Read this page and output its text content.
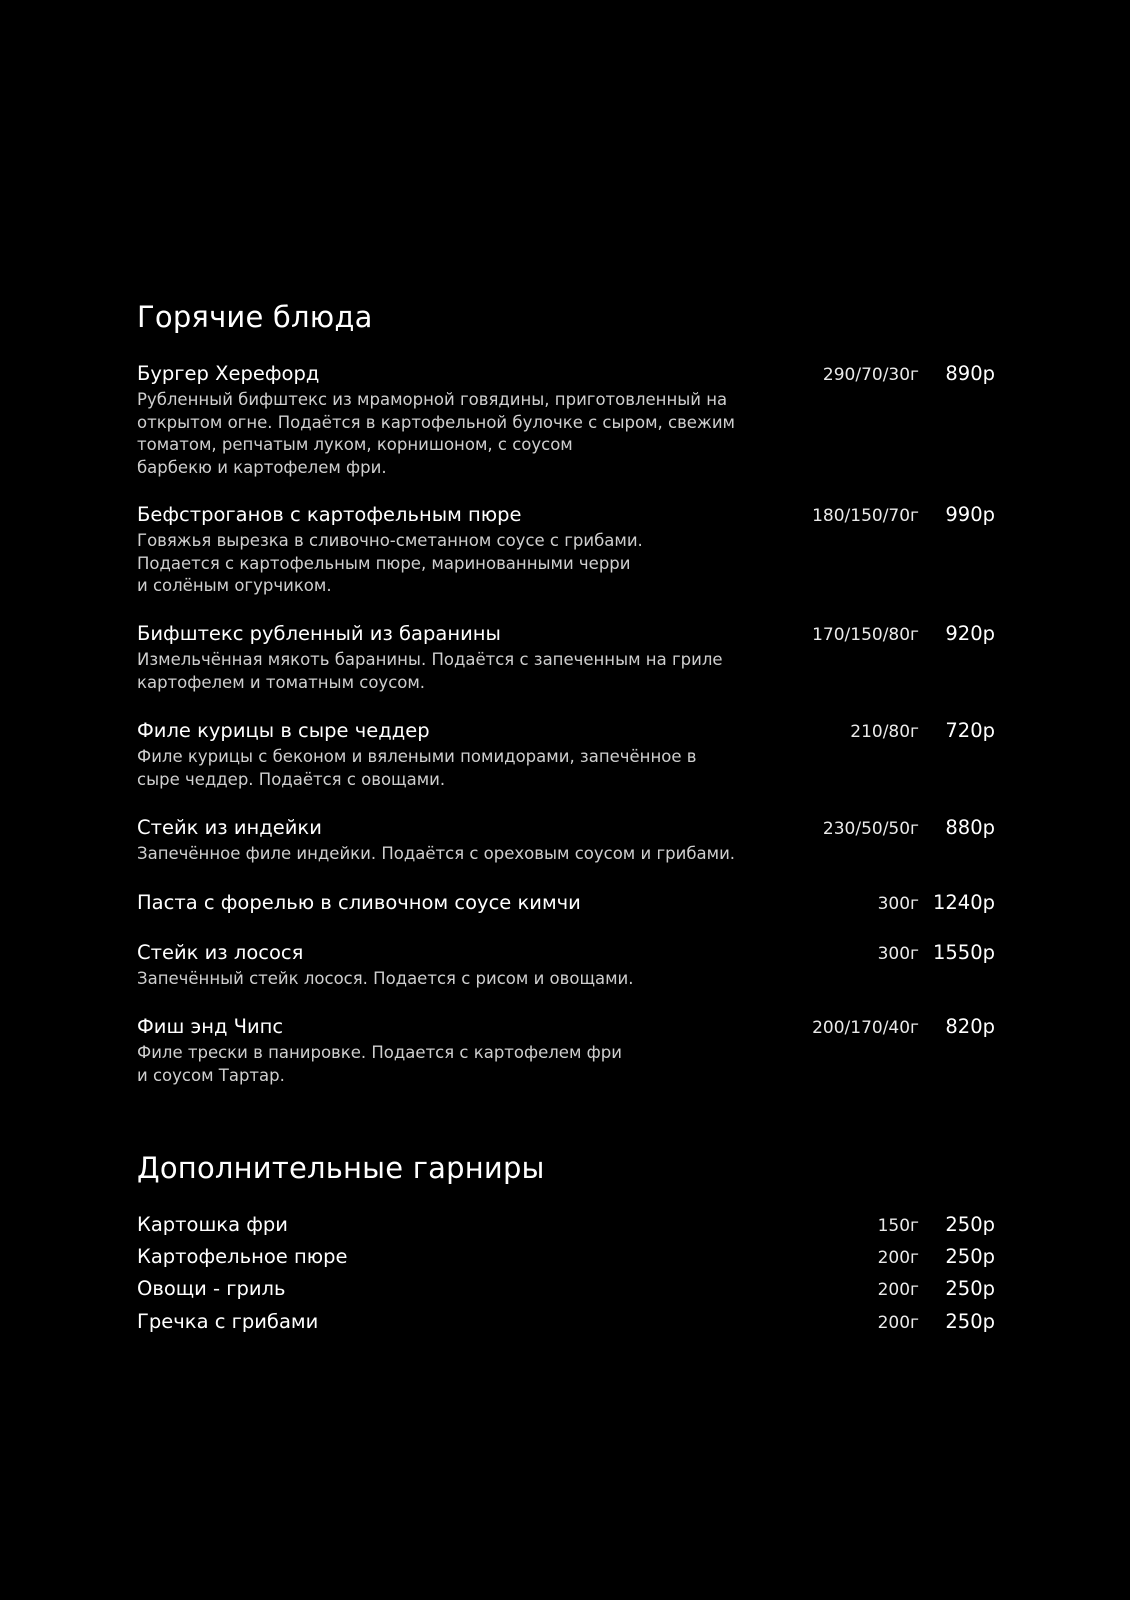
Горячие блюда
Бургер Херефорд	290/70/30г	890р
Рубленный бифштекс из мраморной говядины, приготовленный на
открытом огне. Подаётся в картофельной булочке с сыром, свежим
томатом, репчатым луком, корнишоном, с соусом
барбекю и картофелем фри.
Бефстроганов с картофельным пюре	180/150/70г	990р
Говяжья вырезка в сливочно-сметанном соусе с грибами.
Подается с картофельным пюре, маринованными черри
и солёным огурчиком.
Бифштекс рубленный из баранины	170/150/80г	920р
Измельчённая мякоть баранины. Подаётся с запеченным на гриле
картофелем и томатным соусом.
Филе курицы в сыре чеддер	210/80г	720р
Филе курицы с беконом и вялеными помидорами, запечённое в
сыре чеддер. Подаётся с овощами.
Стейк из индейки	230/50/50г	880р
Запечённое филе индейки. Подаётся с ореховым соусом и грибами.
Паста с форелью в сливочном соусе кимчи	300г 1240р
Стейк из лосося	300г 1550р
Запечённый стейк лосося. Подается с рисом и овощами.
Фиш энд Чипс	200/170/40г	820р
Филе трески в панировке. Подается с картофелем фри
и соусом Тартар.
Дополнительные гарниры
Картошка фри	150г	250р
Картофельное пюре	200г	250р
Овощи - гриль	200г	250р
Гречка с грибами	200г	250р
